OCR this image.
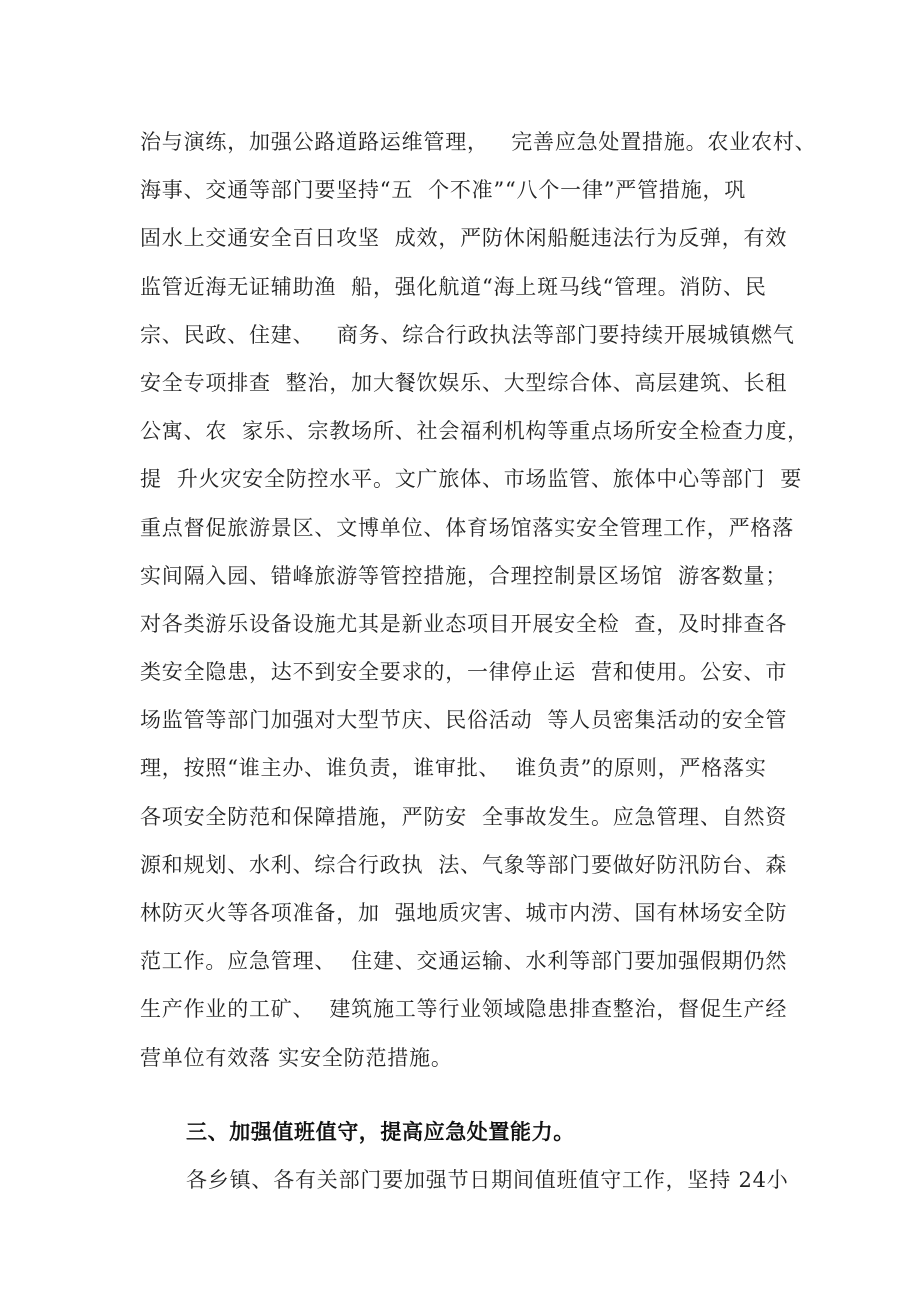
治与演练，加强公路道路运维管理，   完善应急处置措施。农业农村、
海事、交通等部门要坚持“五  个不准”“八个一律”严管措施，巩
固水上交通安全百日攻坚  成效，严防休闲船艇违法行为反弹，有效
监管近海无证辅助渔  船，强化航道“海上斑马线“管理。消防、民
宗、民政、住建、   商务、综合行政执法等部门要持续开展城镇燃气
安全专项排查  整治，加大餐饮娱乐、大型综合体、高层建筑、长租
公寓、农  家乐、宗教场所、社会福利机构等重点场所安全检查力度，
提  升火灾安全防控水平。文广旅体、市场监管、旅体中心等部门  要
重点督促旅游景区、文博单位、体育场馆落实安全管理工作，严格落
实间隔入园、错峰旅游等管控措施，合理控制景区场馆  游客数量；
对各类游乐设备设施尤其是新业态项目开展安全检  查，及时排查各
类安全隐患，达不到安全要求的，一律停止运  营和使用。公安、市
场监管等部门加强对大型节庆、民俗活动  等人员密集活动的安全管
理，按照“谁主办、谁负责，谁审批、  谁负责”的原则，严格落实
各项安全防范和保障措施，严防安  全事故发生。应急管理、自然资
源和规划、水利、综合行政执  法、气象等部门要做好防汛防台、森
林防灭火等各项准备，加  强地质灾害、城市内涝、国有林场安全防
范工作。应急管理、  住建、交通运输、水利等部门要加强假期仍然
生产作业的工矿、  建筑施工等行业领域隐患排查整治，督促生产经
营单位有效落 实安全防范措施。
三、加强值班值守，提高应急处置能力。
各乡镇、各有关部门要加强节日期间值班值守工作，坚持 24小
